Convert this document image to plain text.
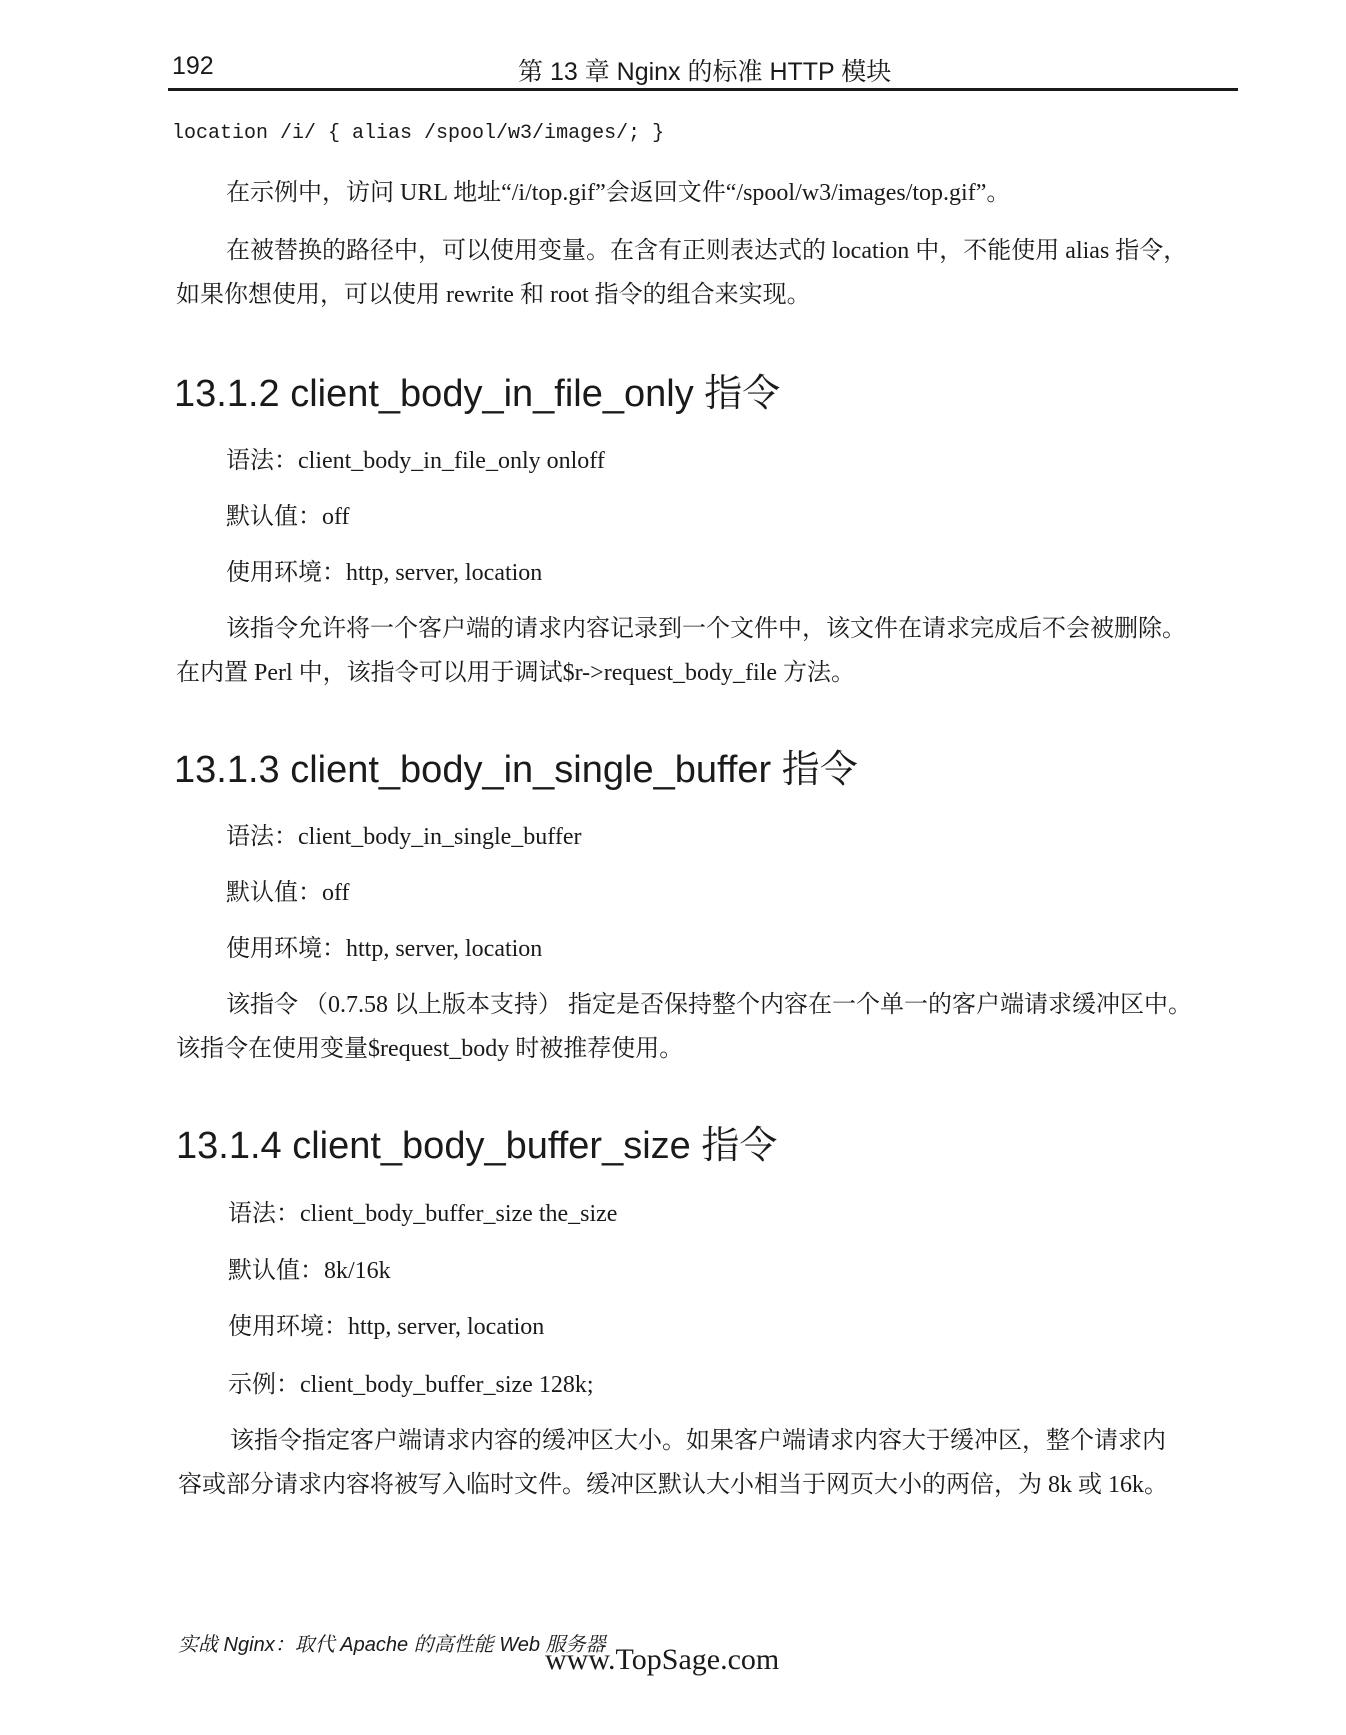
192	第 13 章 Nginx 的标准 HTTP 模块
location /i/ { alias /spool/w3/images/; }
在示例中，访问 URL 地址“/i/top.gif”会返回文件“/spool/w3/images/top.gif”。
在被替换的路径中，可以使用变量。在含有正则表达式的 location 中，不能使用 alias 指令，
如果你想使用，可以使用 rewrite 和 root 指令的组合来实现。
13.1.2 client_body_in_file_only 指令
语法：client_body_in_file_only onloff
默认值：off
使用环境：http, server, location
该指令允许将一个客户端的请求内容记录到一个文件中，该文件在请求完成后不会被删除。
在内置 Perl 中，该指令可以用于调试$r->request_body_file 方法。
13.1.3 client_body_in_single_buffer 指令
语法：client_body_in_single_buffer
默认值：off
使用环境：http, server, location
该指令 （0.7.58 以上版本支持） 指定是否保持整个内容在一个单一的客户端请求缓冲区中。
该指令在使用变量$request_body 时被推荐使用。
13.1.4 client_body_buffer_size 指令
语法：client_body_buffer_size the_size
默认值：8k/16k
使用环境：http, server, location
示例：client_body_buffer_size 128k;
该指令指定客户端请求内容的缓冲区大小。如果客户端请求内容大于缓冲区，整个请求内
容或部分请求内容将被写入临时文件。缓冲区默认大小相当于网页大小的两倍，为 8k 或 16k。
实战 Nginx：取代 Apache 的高性能 Web 服务器
www.TopSage.com
